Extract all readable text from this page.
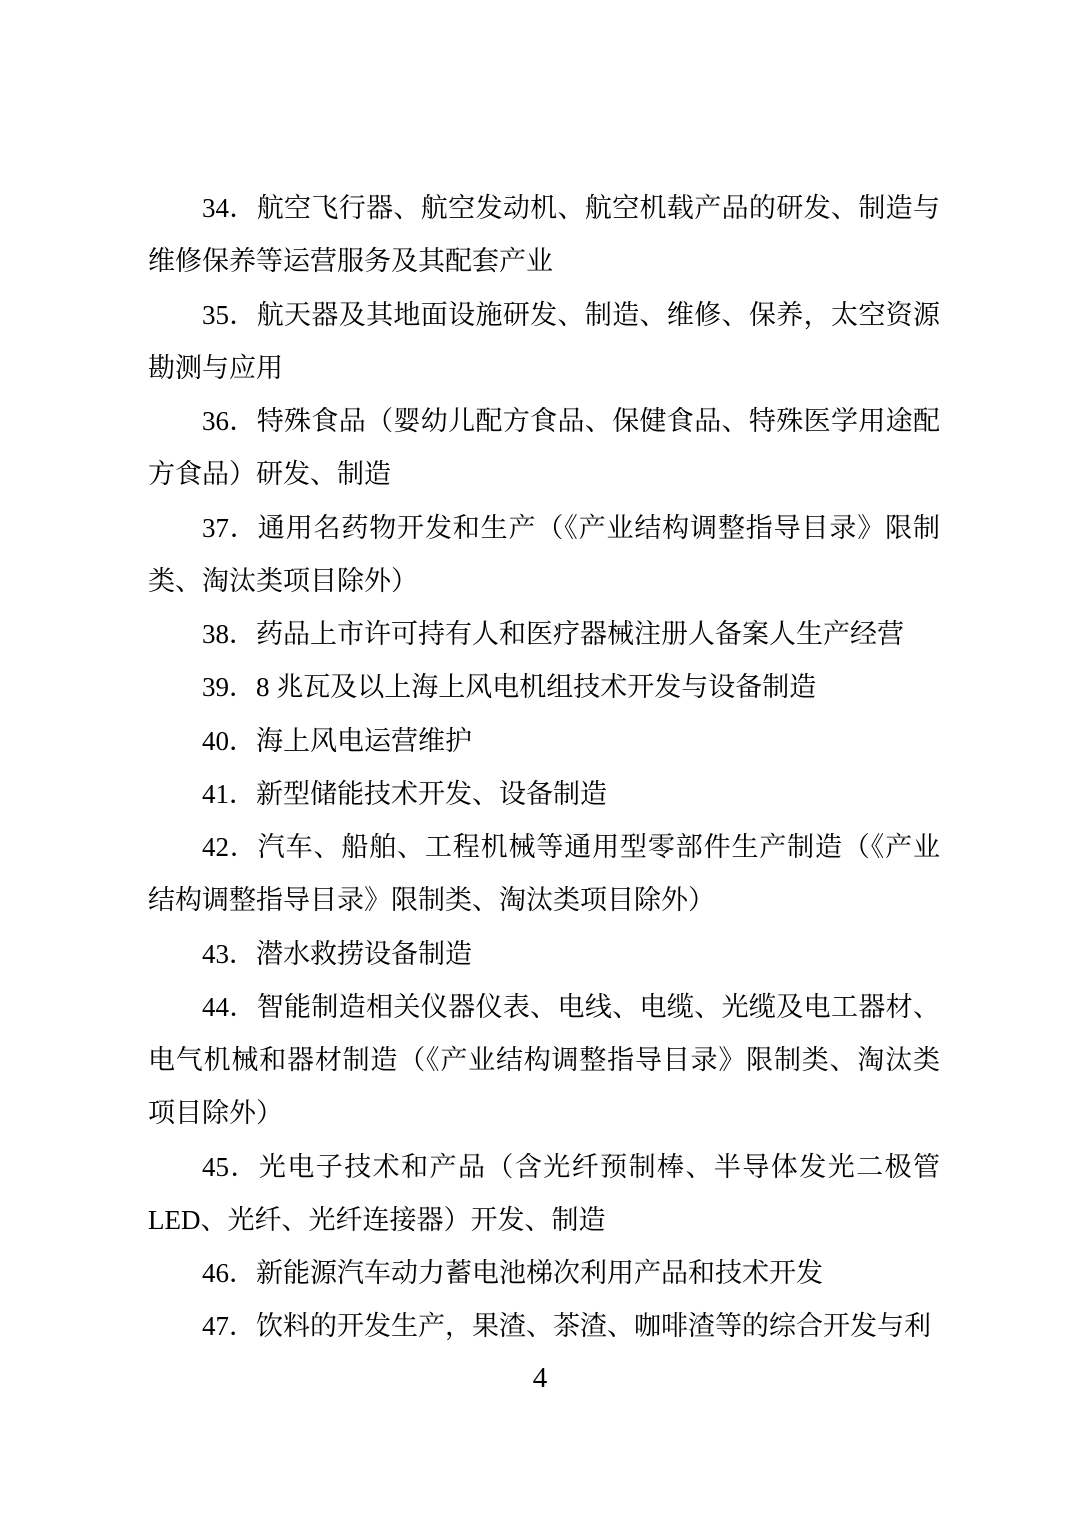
34．航空飞行器、航空发动机、航空机载产品的研发、制造与维修保养等运营服务及其配套产业

35．航天器及其地面设施研发、制造、维修、保养，太空资源勘测与应用

36．特殊食品（婴幼儿配方食品、保健食品、特殊医学用途配方食品）研发、制造

37．通用名药物开发和生产（《产业结构调整指导目录》限制类、淘汰类项目除外）

38．药品上市许可持有人和医疗器械注册人备案人生产经营

39．8 兆瓦及以上海上风电机组技术开发与设备制造

40．海上风电运营维护

41．新型储能技术开发、设备制造

42．汽车、船舶、工程机械等通用型零部件生产制造（《产业结构调整指导目录》限制类、淘汰类项目除外）

43．潜水救捞设备制造

44．智能制造相关仪器仪表、电线、电缆、光缆及电工器材、电气机械和器材制造（《产业结构调整指导目录》限制类、淘汰类项目除外）

45．光电子技术和产品（含光纤预制棒、半导体发光二极管LED、光纤、光纤连接器）开发、制造

46．新能源汽车动力蓄电池梯次利用产品和技术开发

47．饮料的开发生产，果渣、茶渣、咖啡渣等的综合开发与利

4
